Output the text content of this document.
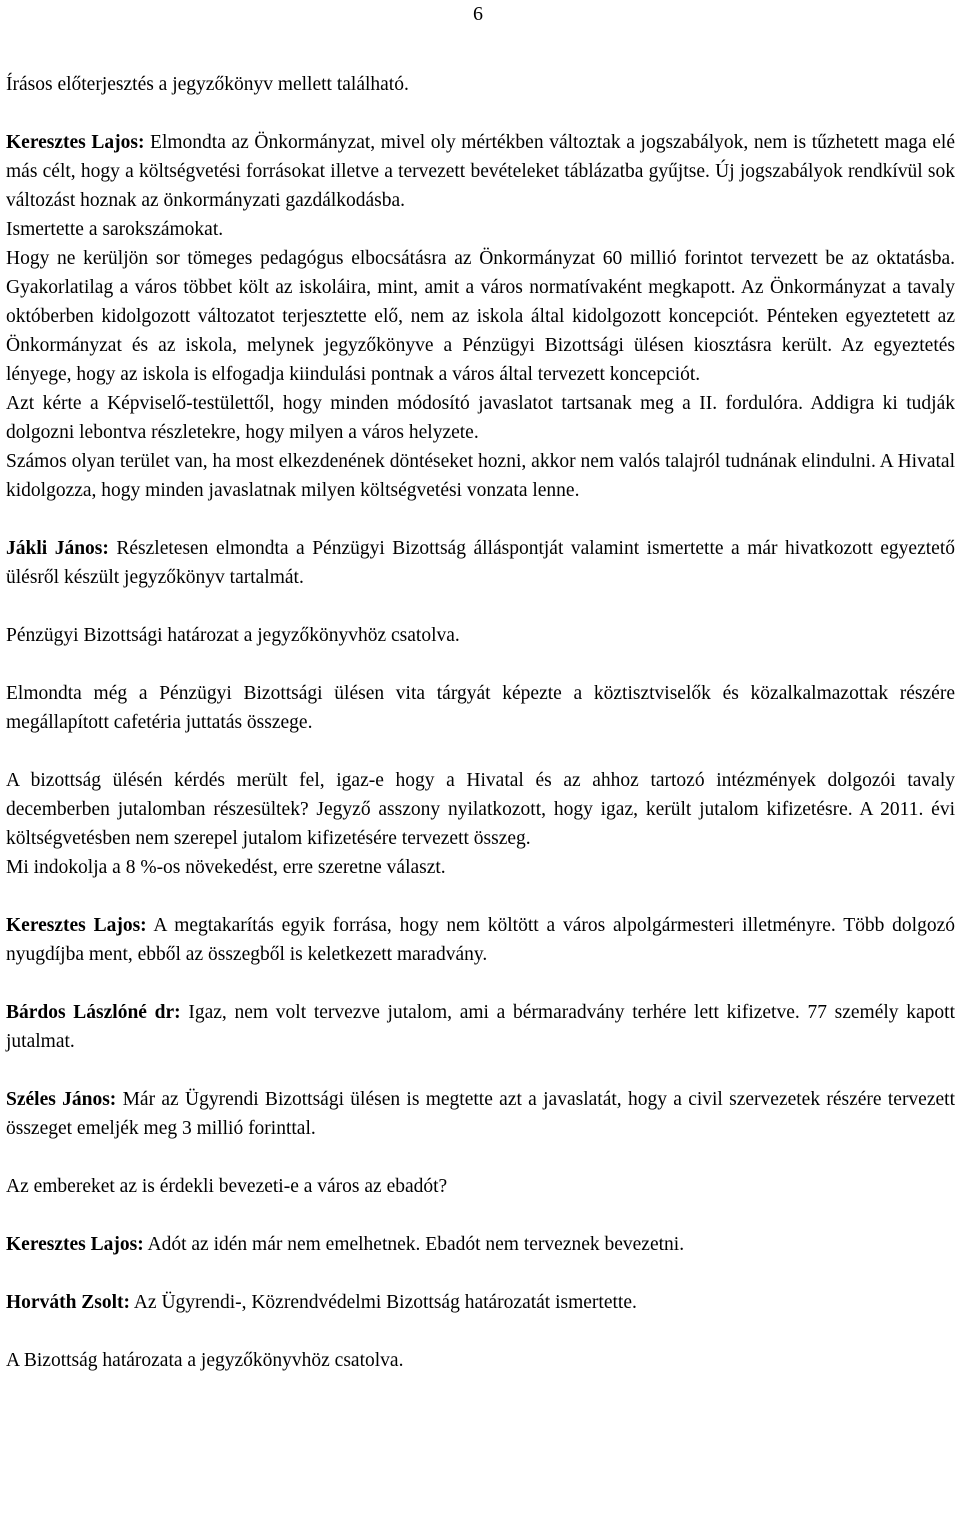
6

Írásos előterjesztés a jegyzőkönyv mellett található.

Keresztes Lajos: Elmondta az Önkormányzat, mivel oly mértékben változtak a jogszabályok, nem is tűzhetett maga elé más célt, hogy a költségvetési forrásokat illetve a tervezett bevételeket táblázatba gyűjtse. Új jogszabályok rendkívül sok változást hoznak az önkormányzati gazdálkodásba.

Ismertette a sarokszámokat.

Hogy ne kerüljön sor tömeges pedagógus elbocsátásra az Önkormányzat 60 millió forintot tervezett be az oktatásba. Gyakorlatilag a város többet költ az iskoláira, mint, amit a város normatívaként megkapott. Az Önkormányzat a tavaly októberben kidolgozott változatot terjesztette elő, nem az iskola által kidolgozott koncepciót. Pénteken egyeztetett az Önkormányzat és az iskola, melynek jegyzőkönyve a Pénzügyi Bizottsági ülésen kiosztásra került. Az egyeztetés lényege, hogy az iskola is elfogadja kiindulási pontnak a város által tervezett koncepciót.

Azt kérte a Képviselő-testülettől, hogy minden módosító javaslatot tartsanak meg a II. fordulóra. Addigra ki tudják dolgozni lebontva részletekre, hogy milyen a város helyzete.

Számos olyan terület van, ha most elkezdenének döntéseket hozni, akkor nem valós talajról tudnának elindulni. A Hivatal kidolgozza, hogy minden javaslatnak milyen költségvetési vonzata lenne.

Jákli János: Részletesen elmondta a Pénzügyi Bizottság álláspontját valamint ismertette a már hivatkozott egyeztető ülésről készült jegyzőkönyv tartalmát.

Pénzügyi Bizottsági határozat a jegyzőkönyvhöz csatolva.

Elmondta még a Pénzügyi Bizottsági ülésen vita tárgyát képezte a köztisztviselők és közalkalmazottak részére megállapított cafetéria juttatás összege.

A bizottság ülésén kérdés merült fel, igaz-e hogy a Hivatal és az ahhoz tartozó intézmények dolgozói tavaly decemberben jutalomban részesültek? Jegyző asszony nyilatkozott, hogy igaz, került jutalom kifizetésre. A 2011. évi költségvetésben nem szerepel jutalom kifizetésére tervezett összeg.

Mi indokolja a 8 %-os növekedést, erre szeretne választ.

Keresztes Lajos: A megtakarítás egyik forrása, hogy nem költött a város alpolgármesteri illetményre. Több dolgozó nyugdíjba ment, ebből az összegből is keletkezett maradvány.

Bárdos Lászlóné dr: Igaz, nem volt tervezve jutalom, ami a bérmaradvány terhére lett kifizetve. 77 személy kapott jutalmat.

Széles János: Már az Ügyrendi Bizottsági ülésen is megtette azt a javaslatát, hogy a civil szervezetek részére tervezett összeget emeljék meg 3 millió forinttal.

Az embereket az is érdekli bevezeti-e a város az ebadót?

Keresztes Lajos: Adót az idén már nem emelhetnek. Ebadót nem terveznek bevezetni.

Horváth Zsolt: Az Ügyrendi-, Közrendvédelmi Bizottság határozatát ismertette.

A Bizottság határozata a jegyzőkönyvhöz csatolva.
